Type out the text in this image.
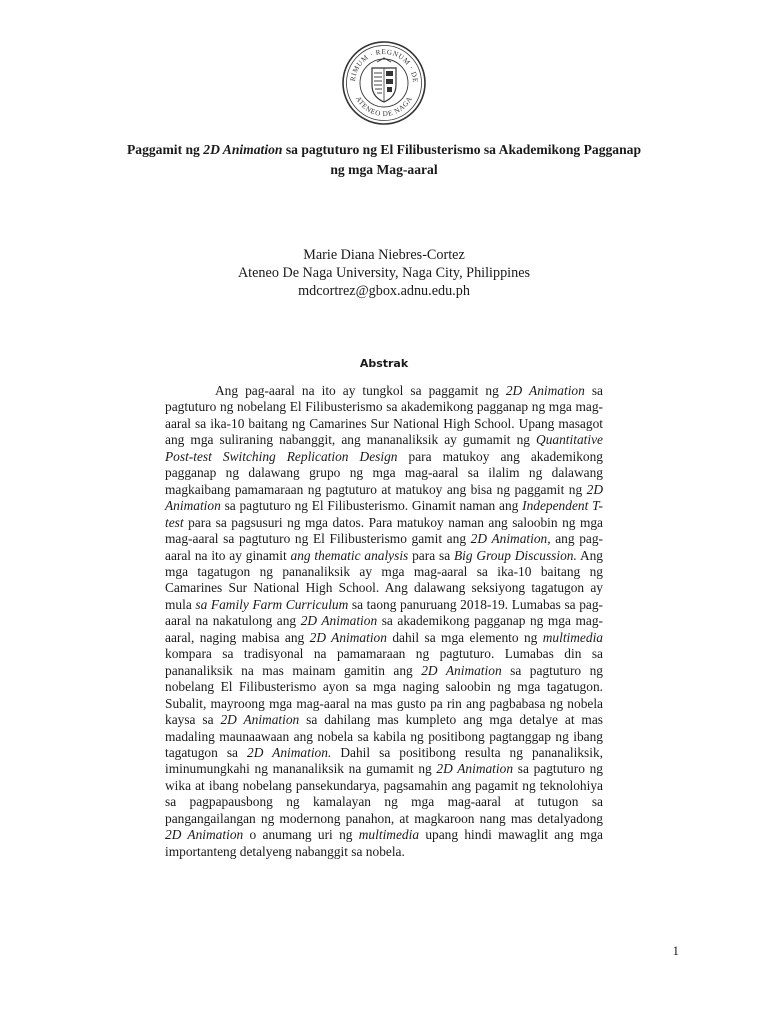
RIMUM · REGNUM · DE
ATENEO DE NAGA
Paggamit ng 2D Animation sa pagtuturo ng El Filibusterismo sa Akademikong Pagganap
ng mga Mag-aaral
Marie Diana Niebres-Cortez
Ateneo De Naga University, Naga City, Philippines
mdcortrez@gbox.adnu.edu.ph
Abstrak

Ang pag-aaral na ito ay tungkol sa paggamit ng 2D Animation sa pagtuturo ng nobelang El Filibusterismo sa akademikong pagganap ng mga mag-aaral sa ika-10 baitang ng Camarines Sur National High School. Upang masagot ang mga suliraning nabanggit, ang mananaliksik ay gumamit ng Quantitative Post-test Switching Replication Design para matukoy ang akademikong pagganap ng dalawang grupo ng mga mag-aaral sa ilalim ng dalawang magkaibang pamamaraan ng pagtuturo at matukoy ang bisa ng paggamit ng 2D Animation sa pagtuturo ng El Filibusterismo. Ginamit naman ang Independent T-test para sa pagsusuri ng mga datos. Para matukoy naman ang saloobin ng mga mag-aaral sa pagtuturo ng El Filibusterismo gamit ang 2D Animation, ang pag-aaral na ito ay ginamit ang thematic analysis para sa Big Group Discussion. Ang mga tagatugon ng pananaliksik ay mga mag-aaral sa ika-10 baitang ng Camarines Sur National High School. Ang dalawang seksiyong tagatugon ay mula sa Family Farm Curriculum sa taong panuruang 2018-19. Lumabas sa pag-aaral na nakatulong ang 2D Animation sa akademikong pagganap ng mga mag-aaral, naging mabisa ang 2D Animation dahil sa mga elemento ng multimedia kompara sa tradisyonal na pamamaraan ng pagtuturo. Lumabas din sa pananaliksik na mas mainam gamitin ang 2D Animation sa pagtuturo ng nobelang El Filibusterismo ayon sa mga naging saloobin ng mga tagatugon. Subalit, mayroong mga mag-aaral na mas gusto pa rin ang pagbabasa ng nobela kaysa sa 2D Animation sa dahilang mas kumpleto ang mga detalye at mas madaling maunaawaan ang nobela sa kabila ng positibong pagtanggap ng ibang tagatugon sa 2D Animation. Dahil sa positibong resulta ng pananaliksik, iminumungkahi ng mananaliksik na gumamit ng 2D Animation sa pagtuturo ng wika at ibang nobelang pansekundarya, pagsamahin ang pagamit ng teknolohiya sa pagpapausbong ng kamalayan ng mga mag-aaral at tutugon sa pangangailangan ng modernong panahon, at magkaroon nang mas detalyadong 2D Animation o anumang uri ng multimedia upang hindi mawaglit ang mga importanteng detalyeng nabanggit sa nobela.

1
